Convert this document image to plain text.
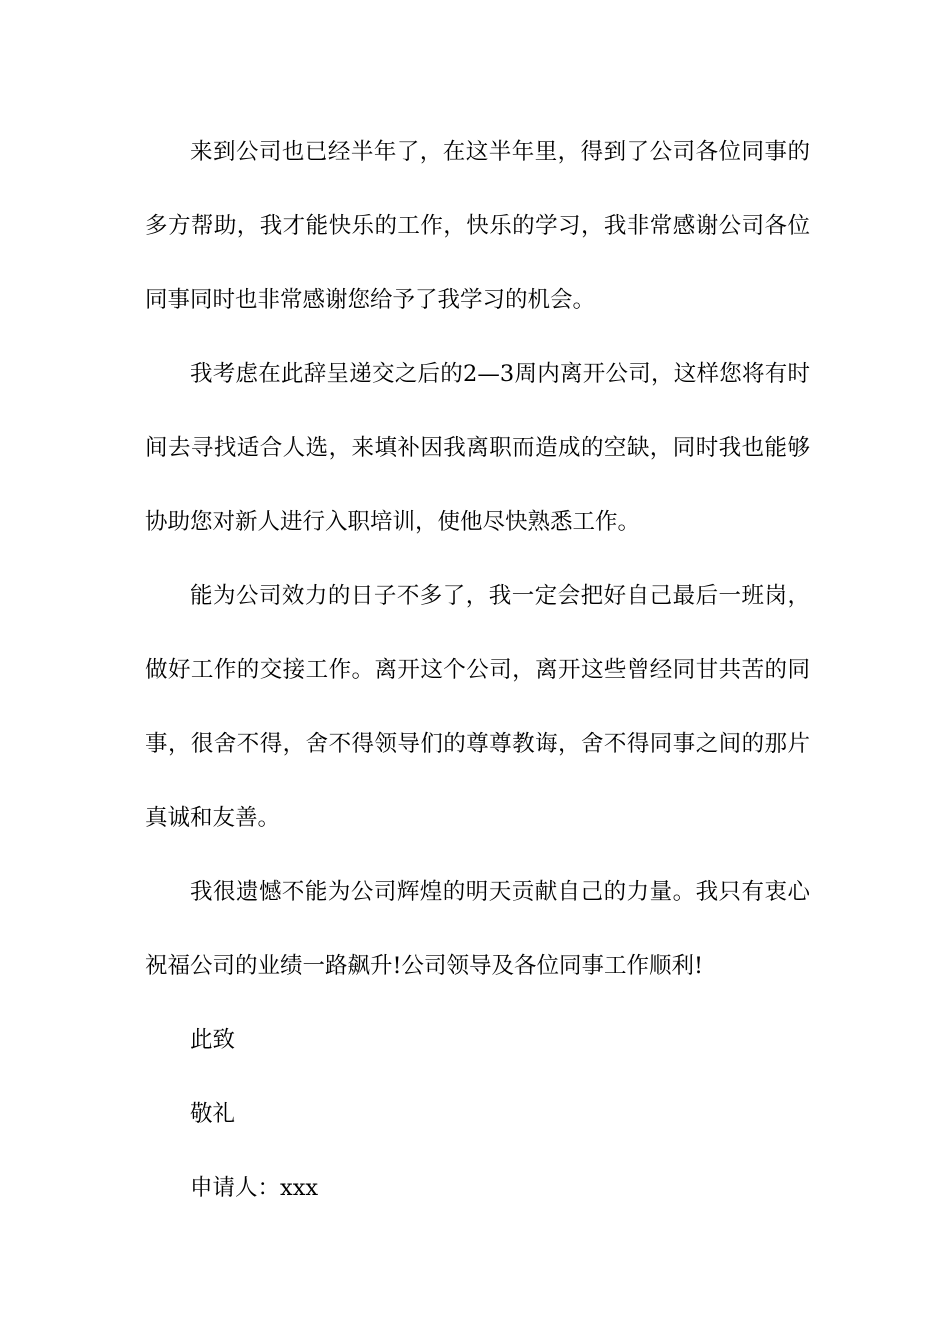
来到公司也已经半年了，在这半年里，得到了公司各位同事的多方帮助，我才能快乐的工作，快乐的学习，我非常感谢公司各位同事同时也非常感谢您给予了我学习的机会。

我考虑在此辞呈递交之后的2—3周内离开公司，这样您将有时间去寻找适合人选，来填补因我离职而造成的空缺，同时我也能够协助您对新人进行入职培训，使他尽快熟悉工作。

能为公司效力的日子不多了，我一定会把好自己最后一班岗，做好工作的交接工作。离开这个公司，离开这些曾经同甘共苦的同事，很舍不得，舍不得领导们的尊尊教诲，舍不得同事之间的那片真诚和友善。

我很遗憾不能为公司辉煌的明天贡献自己的力量。我只有衷心祝福公司的业绩一路飙升!公司领导及各位同事工作顺利!

此致

敬礼

申请人：xxx
